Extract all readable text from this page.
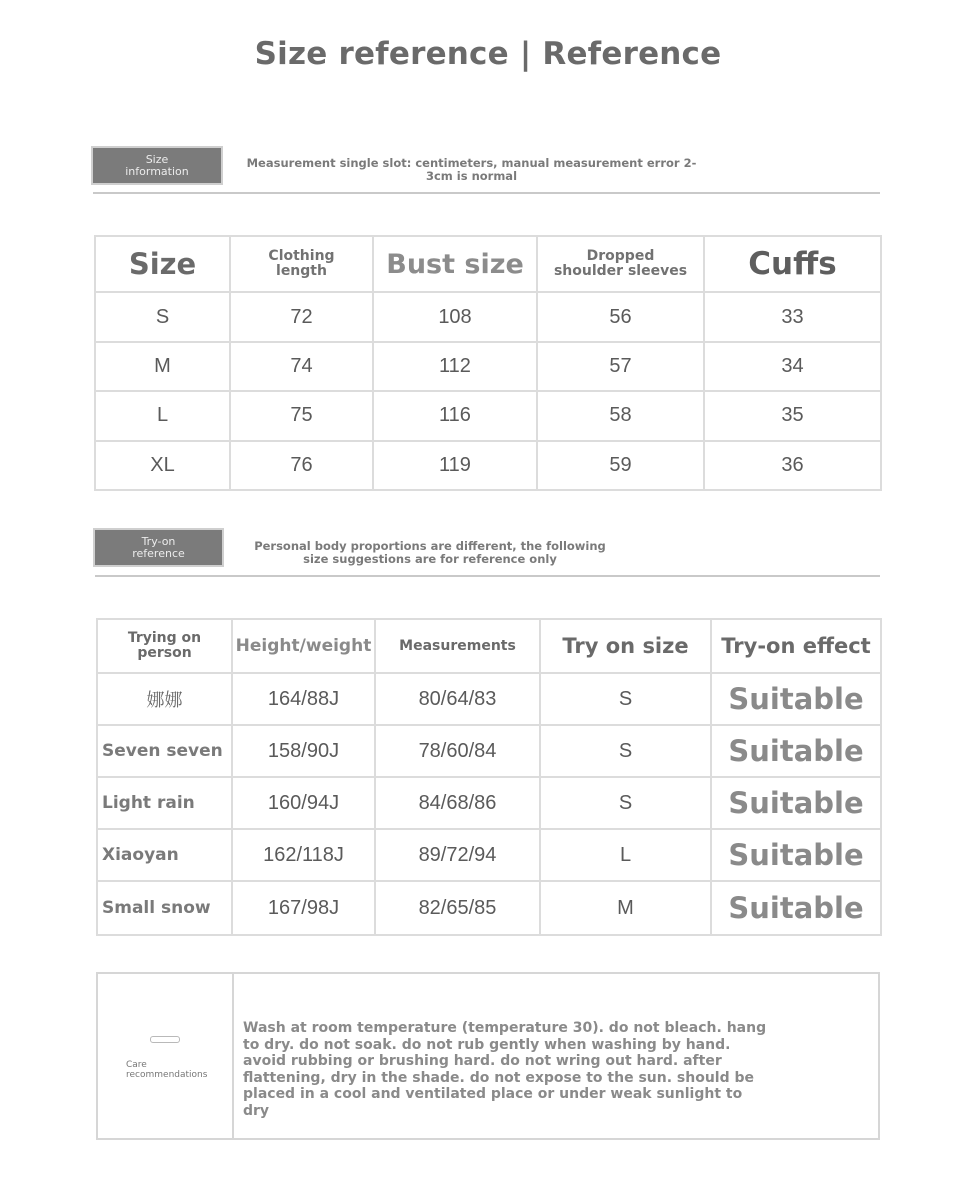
Size reference | Reference
Size information
Measurement single slot: centimeters, manual measurement error 2- 3cm is normal
Size	Clothing length	Bust size	Dropped shoulder sleeves	Cuffs
S	72	108	56	33
M	74	112	57	34
L	75	116	58	35
XL	76	119	59	36
Try-on reference	Personal body proportions are different, the following size suggestions are for reference only
Trying on person	Height/weight	Measurements	Try on size	Try-on effect
娜娜	164/88J	80/64/83	S	Suitable
Seven seven	158/90J	78/60/84	S	Suitable
Light rain	160/94J	84/68/86	S	Suitable
Xiaoyan	162/118J	89/72/94	L	Suitable
Small snow	167/98J	82/65/85	M	Suitable
Care recommendations
Wash at room temperature (temperature 30). do not bleach. hang to dry. do not soak. do not rub gently when washing by hand. avoid rubbing or brushing hard. do not wring out hard. after flattening, dry in the shade. do not expose to the sun. should be placed in a cool and ventilated place or under weak sunlight to dry
